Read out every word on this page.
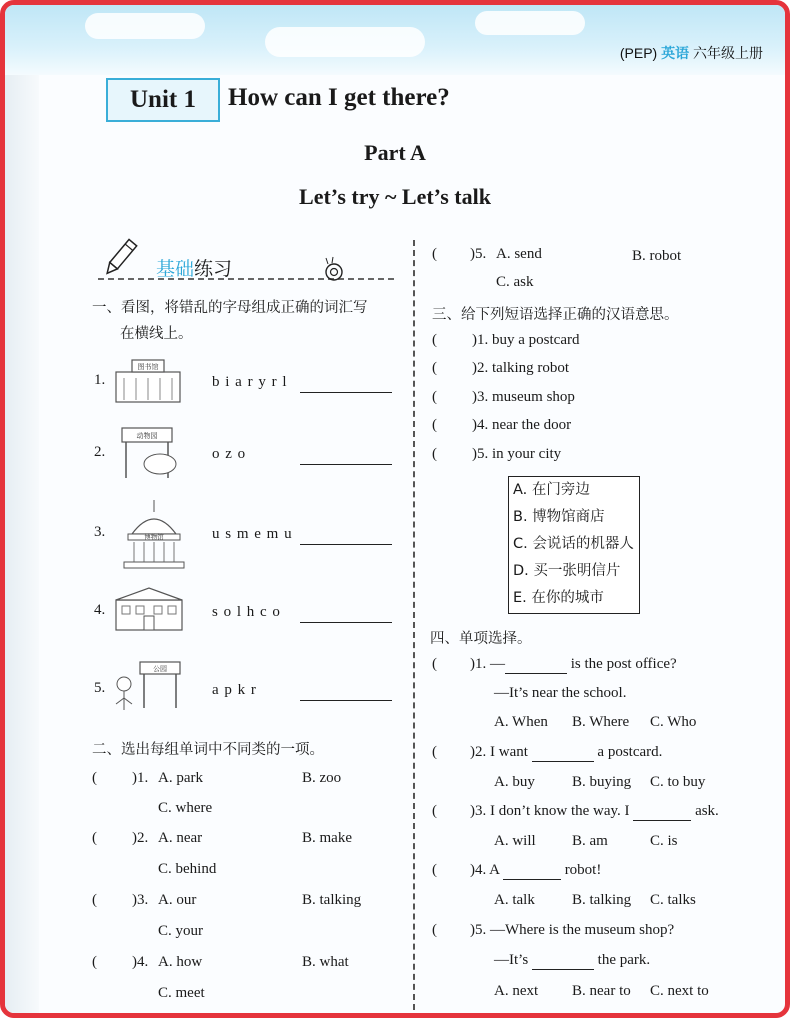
(PEP) 英语 六年级上册
Unit 1	How can I get there?
Part A
Let’s try ~ Let’s talk
基础练习
一、看图，将错乱的字母组成正确的词汇写
在横线上。
1.
图书馆
b i a r y r l
2.
动物园
o z o
3.	博物馆	u s m e m u
4.	s o l h c o
5.
公园
a p k r
二、选出每组单词中不同类的一项。
( )1. A. park	B. zoo
C. where
( )2. A. near	B. make
C. behind
( )3. A. our	B. talking
C. your
( )4. A. how	B. what
C. meet
( )5. A. send	B. robot
C. ask
三、给下列短语选择正确的汉语意思。
( )1. buy a postcard
( )2. talking robot
( )3. museum shop
( )4. near the door
( )5. in your city
A. 在门旁边
B. 博物馆商店
C. 会说话的机器人
D. 买一张明信片
E. 在你的城市
四、单项选择。
( )1. —	is the post office?
—It’s near the school.
A. When B. Where C. Who
( )2. I want	a postcard.
A. buy B. buying C. to buy
( )3. I don’t know the way. I	ask.
A. will B. am	C. is
( )4. A	robot!
A. talk B. talking C. talks
( )5. —Where is the museum shop?
—It’s	the park.
A. next B. near to C. next to
